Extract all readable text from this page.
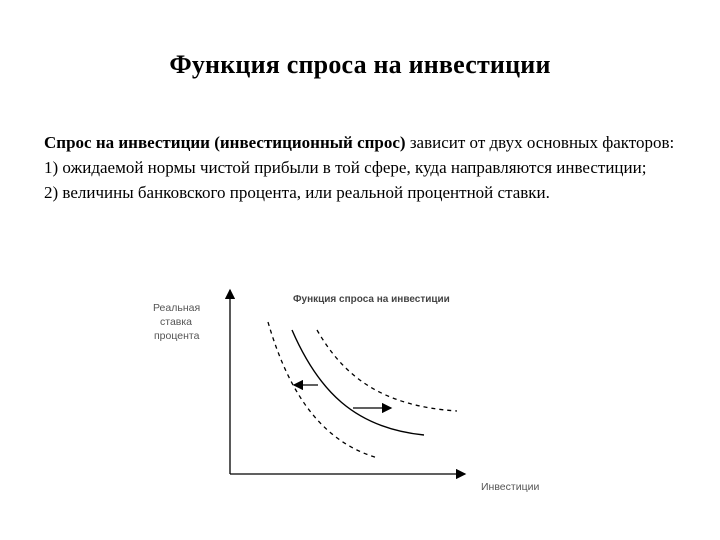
Функция спроса на инвестиции

Спрос на инвестиции (инвестиционный спрос) зависит от двух основных факторов:

1) ожидаемой нормы чистой прибыли в той сфере, куда направляются инвестиции;

2) величины банковского процента, или реальной процентной ставки.

Функция спроса на инвестиции
Реальная
ставка
процента
Инвестиции
